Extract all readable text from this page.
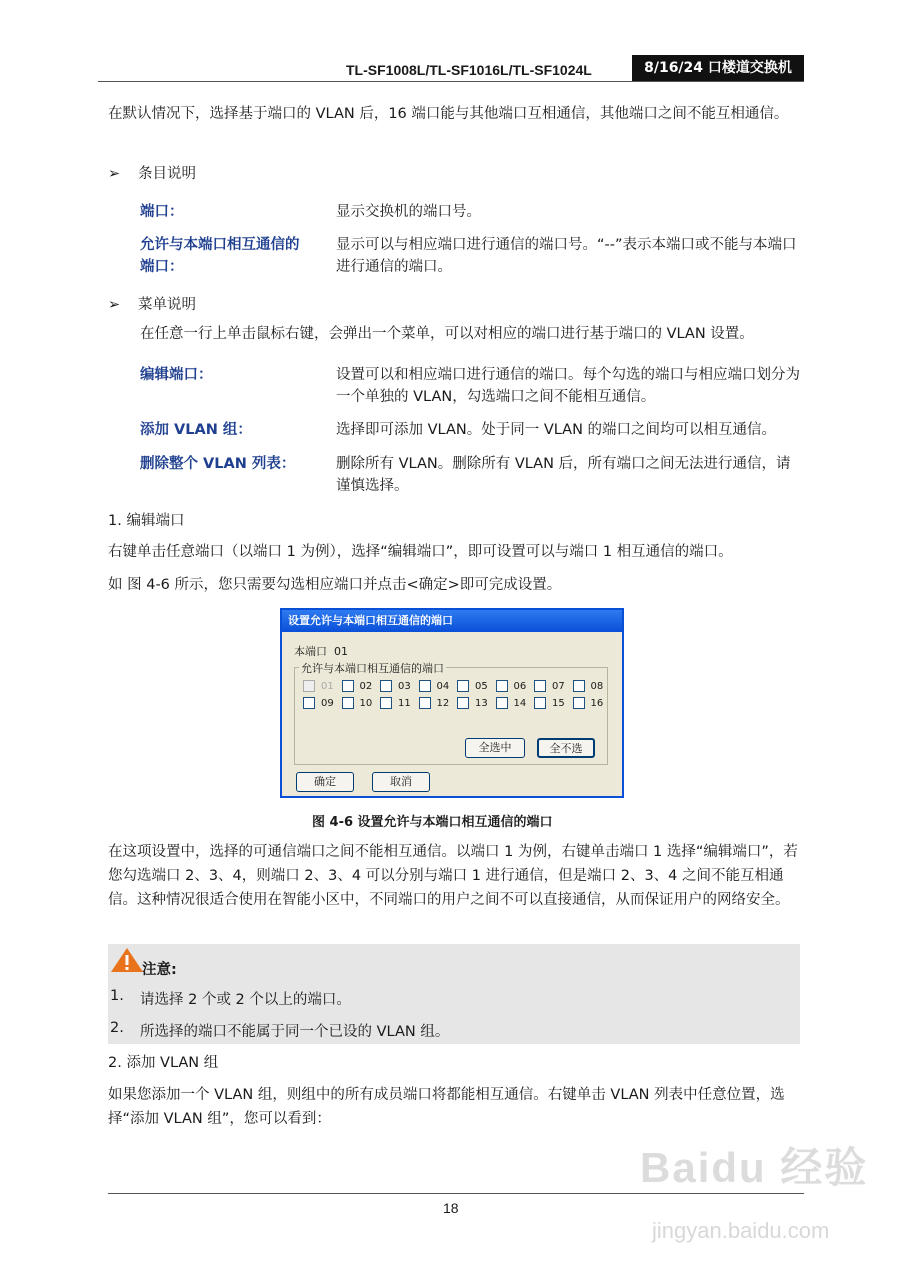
TL-SF1008L/TL-SF1016L/TL-SF1024L	8/16/24 口楼道交换机
在默认情况下，选择基于端口的 VLAN 后，16 端口能与其他端口互相通信，其他端口之间不能互相通信。
➢ 条目说明
端口：	显示交换机的端口号。
允许与本端口相互通信的端口：
显示可以与相应端口进行通信的端口号。“--”表示本端口或不能与本端口进行通信的端口。
➢ 菜单说明
在任意一行上单击鼠标右键，会弹出一个菜单，可以对相应的端口进行基于端口的 VLAN 设置。
编辑端口：	设置可以和相应端口进行通信的端口。每个勾选的端口与相应端口划分为一个单独的 VLAN，勾选端口之间不能相互通信。
添加 VLAN 组：	选择即可添加 VLAN。处于同一 VLAN 的端口之间均可以相互通信。
删除整个 VLAN 列表：	删除所有 VLAN。删除所有 VLAN 后，所有端口之间无法进行通信，请谨慎选择。
1. 编辑端口
右键单击任意端口（以端口 1 为例），选择“编辑端口”，即可设置可以与端口 1 相互通信的端口。
如 图 4-6 所示，您只需要勾选相应端口并点击<确定>即可完成设置。
设置允许与本端口相互通信的端口
本端口 01
允许与本端口相互通信的端口
01	02	03	04	05	06	07	08
09	10	11	12	13	14	15	16
全选中	全不选
确定	取消
图 4-6 设置允许与本端口相互通信的端口
在这项设置中，选择的可通信端口之间不能相互通信。以端口 1 为例，右键单击端口 1 选择“编辑端口”，若您勾选端口 2、3、4，则端口 2、3、4 可以分别与端口 1 进行通信，但是端口 2、3、4 之间不能互相通信。这种情况很适合使用在智能小区中，不同端口的用户之间不可以直接通信，从而保证用户的网络安全。
注意:
1. 请选择 2 个或 2 个以上的端口。
2. 所选择的端口不能属于同一个已设的 VLAN 组。
2. 添加 VLAN 组
如果您添加一个 VLAN 组，则组中的所有成员端口将都能相互通信。右键单击 VLAN 列表中任意位置，选择“添加 VLAN 组”，您可以看到：
18
Baidu 经验
jingyan.baidu.com
